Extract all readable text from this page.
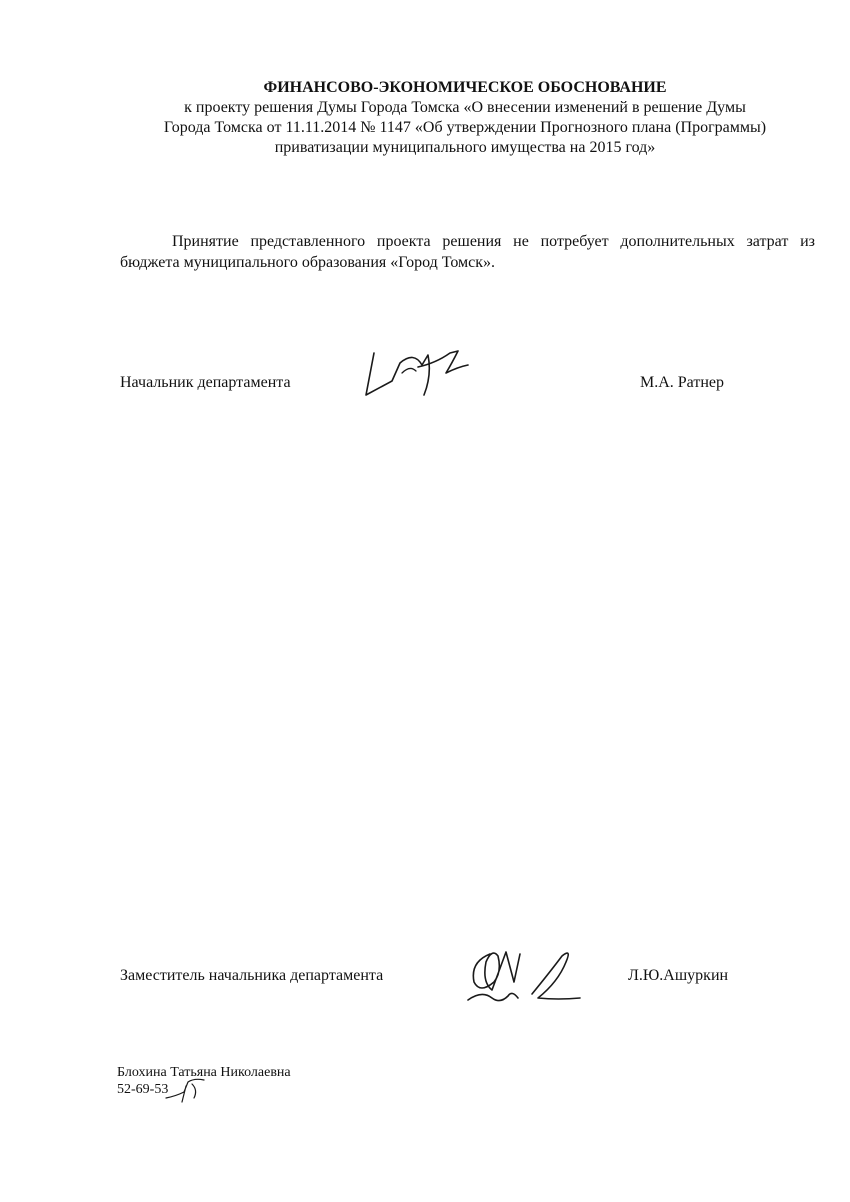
ФИНАНСОВО-ЭКОНОМИЧЕСКОЕ ОБОСНОВАНИЕ
к проекту решения Думы Города Томска «О внесении изменений в решение Думы
Города Томска от 11.11.2014 № 1147 «Об утверждении Прогнозного плана (Программы)
приватизации муниципального имущества на 2015 год»

Принятие представленного проекта решения не потребует дополнительных затрат из бюджета муниципального образования «Город Томск».

Начальник департамента	М.А. Ратнер
Заместитель начальника департамента	Л.Ю.Ашуркин
Блохина Татьяна Николаевна
52-69-53
